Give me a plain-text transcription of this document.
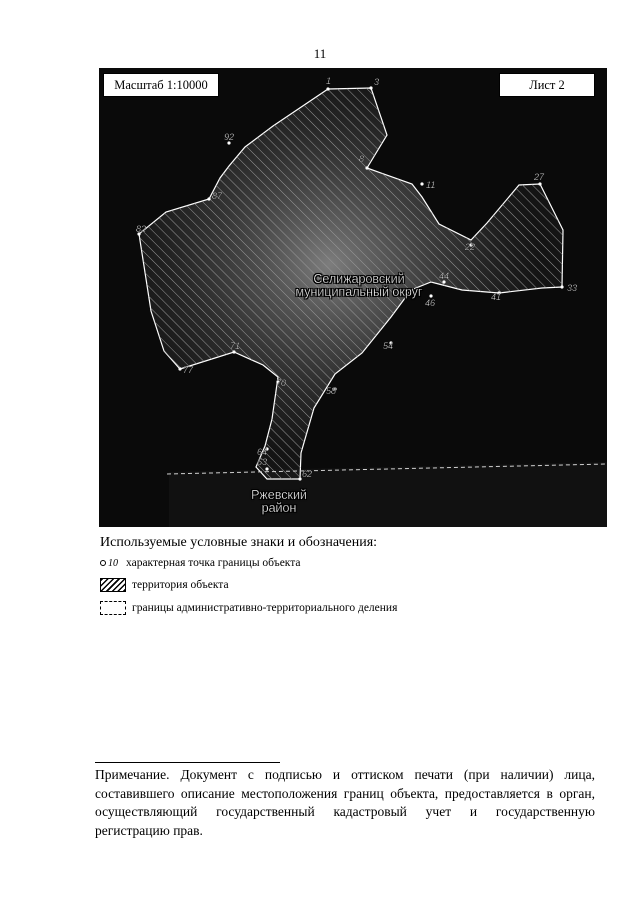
11
1	3
8
11
22
27
33
41
44
46
54
58
62
63
64
70
71
77
82
87
92
Масштаб 1:10000	Лист 2
Селижаровский
муниципальный округ
Ржевский
район
Используемые условные знаки и обозначения:
10 характерная точка границы объекта
территория объекта
границы административно-территориального деления
Примечание. Документ с подписью и оттиском печати (при наличии) лица, составившего описание местоположения границ объекта, предоставляется в орган, осуществляющий государственный кадастровый учет и государственную регистрацию прав.
